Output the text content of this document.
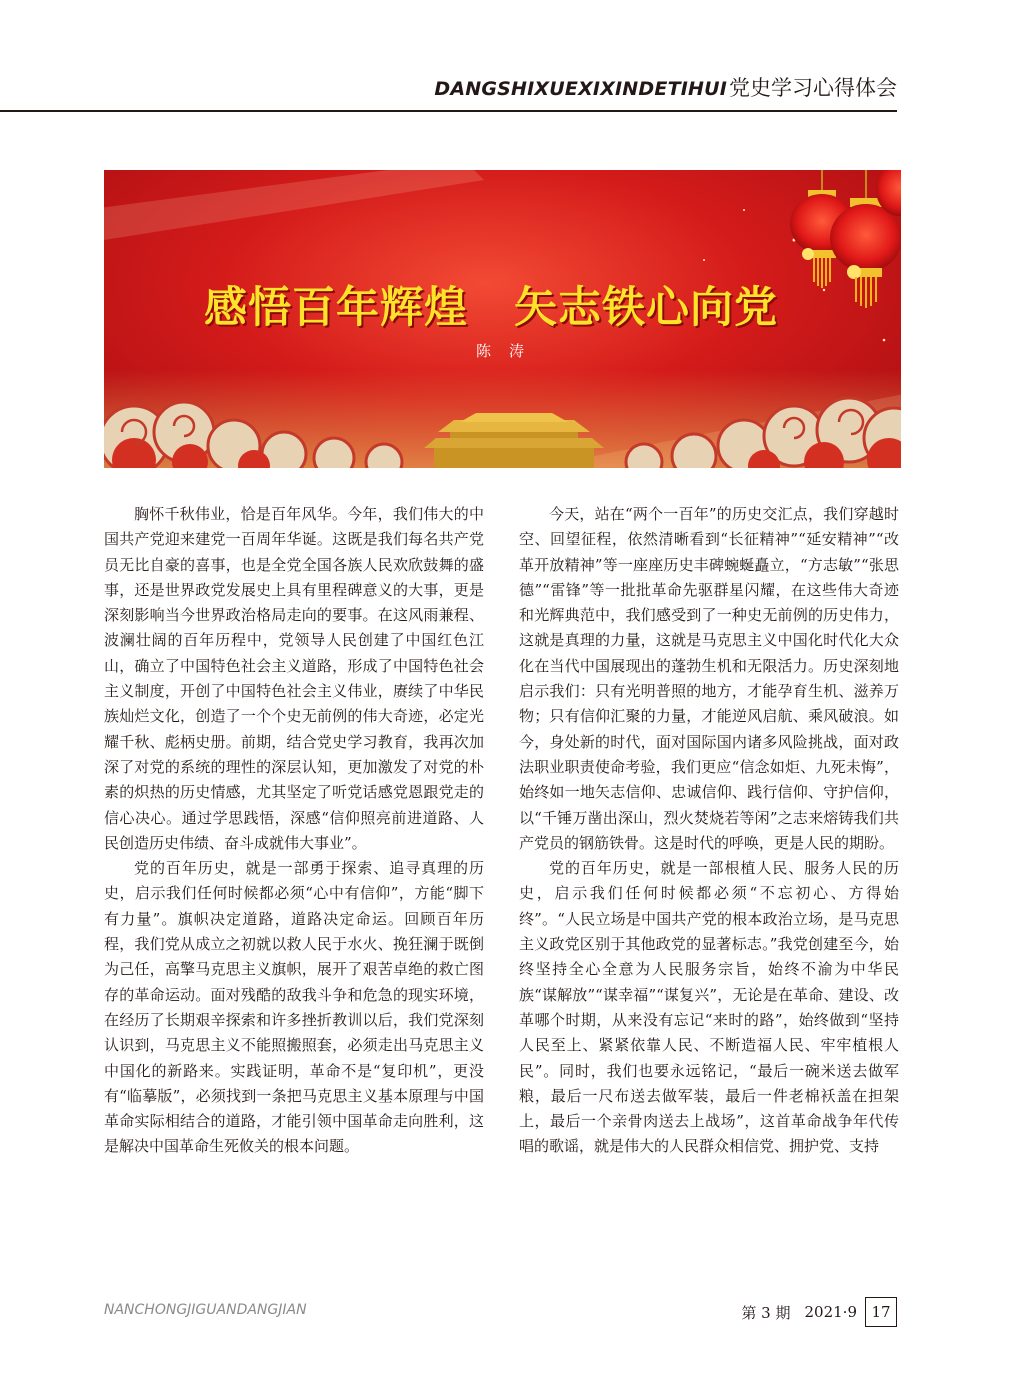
DANGSHIXUEXIXINDETIHUI党史学习心得体会
感悟百年辉煌 矢志铁心向党
陈涛

胸怀千秋伟业，恰是百年风华。今年，我们伟大的中国共产党迎来建党一百周年华诞。这既是我们每名共产党员无比自豪的喜事，也是全党全国各族人民欢欣鼓舞的盛事，还是世界政党发展史上具有里程碑意义的大事，更是深刻影响当今世界政治格局走向的要事。在这风雨兼程、波澜壮阔的百年历程中，党领导人民创建了中国红色江山，确立了中国特色社会主义道路，形成了中国特色社会主义制度，开创了中国特色社会主义伟业，赓续了中华民族灿烂文化，创造了一个个史无前例的伟大奇迹，必定光耀千秋、彪柄史册。前期，结合党史学习教育，我再次加深了对党的系统的理性的深层认知，更加激发了对党的朴素的炽热的历史情感，尤其坚定了听党话感党恩跟党走的信心决心。通过学思践悟，深感“信仰照亮前进道路、人民创造历史伟绩、奋斗成就伟大事业”。

党的百年历史，就是一部勇于探索、追寻真理的历史，启示我们任何时候都必须“心中有信仰”，方能“脚下有力量”。旗帜决定道路，道路决定命运。回顾百年历程，我们党从成立之初就以救人民于水火、挽狂澜于既倒为己任，高擎马克思主义旗帜，展开了艰苦卓绝的救亡图存的革命运动。面对残酷的敌我斗争和危急的现实环境，在经历了长期艰辛探索和许多挫折教训以后，我们党深刻认识到，马克思主义不能照搬照套，必须走出马克思主义中国化的新路来。实践证明，革命不是“复印机”，更没有“临摹版”，必须找到一条把马克思主义基本原理与中国革命实际相结合的道路，才能引领中国革命走向胜利，这是解决中国革命生死攸关的根本问题。

今天，站在“两个一百年”的历史交汇点，我们穿越时空、回望征程，依然清晰看到“长征精神”“延安精神”“改革开放精神”等一座座历史丰碑蜿蜒矗立，“方志敏”“张思德”“雷锋”等一批批革命先驱群星闪耀，在这些伟大奇迹和光辉典范中，我们感受到了一种史无前例的历史伟力，这就是真理的力量，这就是马克思主义中国化时代化大众化在当代中国展现出的蓬勃生机和无限活力。历史深刻地启示我们：只有光明普照的地方，才能孕育生机、滋养万物；只有信仰汇聚的力量，才能逆风启航、乘风破浪。如今，身处新的时代，面对国际国内诸多风险挑战，面对政法职业职责使命考验，我们更应“信念如炬、九死未悔”，始终如一地矢志信仰、忠诚信仰、践行信仰、守护信仰，以“千锤万凿出深山，烈火焚烧若等闲”之志来熔铸我们共产党员的钢筋铁骨。这是时代的呼唤，更是人民的期盼。

党的百年历史，就是一部根植人民、服务人民的历史，启示我们任何时候都必须“不忘初心、方得始终”。“人民立场是中国共产党的根本政治立场，是马克思主义政党区别于其他政党的显著标志。”我党创建至今，始终坚持全心全意为人民服务宗旨，始终不渝为中华民族“谋解放”“谋幸福”“谋复兴”，无论是在革命、建设、改革哪个时期，从来没有忘记“来时的路”，始终做到“坚持人民至上、紧紧依靠人民、不断造福人民、牢牢植根人民”。同时，我们也要永远铭记，“最后一碗米送去做军粮，最后一尺布送去做军装，最后一件老棉袄盖在担架上，最后一个亲骨肉送去上战场”，这首革命战争年代传唱的歌谣，就是伟大的人民群众相信党、拥护党、支持

NANCHONGJIGUANDANGJIAN	第 3 期 2021·9 17
